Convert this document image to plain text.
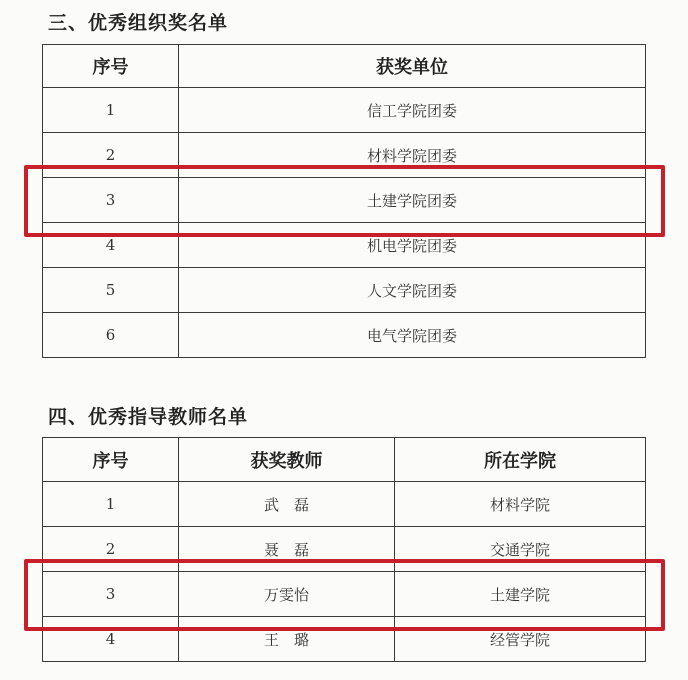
三、优秀组织奖名单
序号	获奖单位
1	信工学院团委
2	材料学院团委
3	土建学院团委
4	机电学院团委
5	人文学院团委
6	电气学院团委
四、优秀指导教师名单
序号	获奖教师	所在学院
1	武　磊	材料学院
2	聂　磊	交通学院
3	万雯怡	土建学院
4	王　璐	经管学院
